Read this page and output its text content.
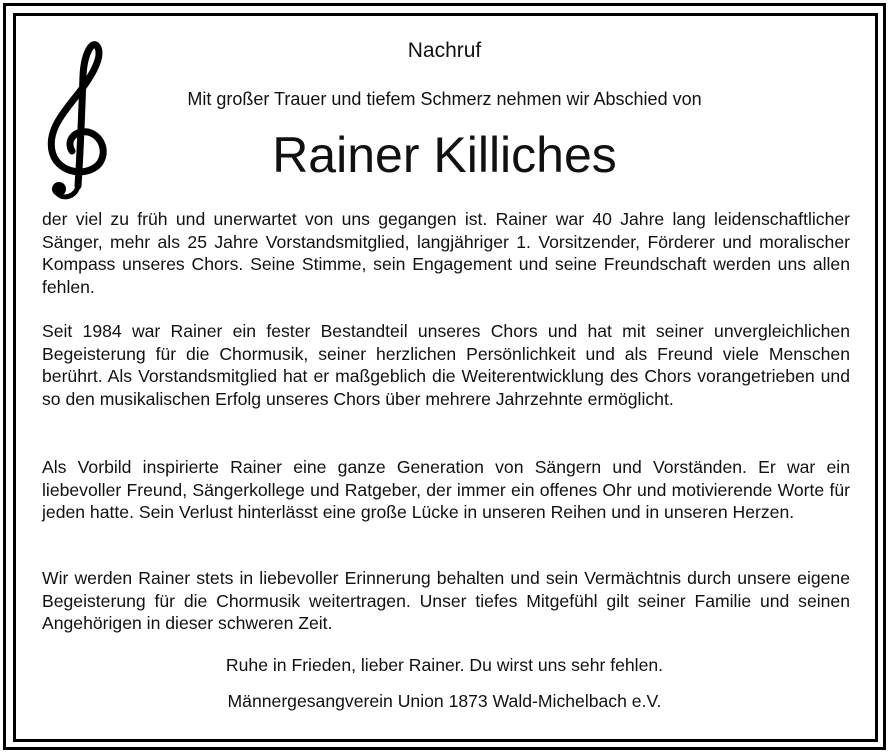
Nachruf
Mit großer Trauer und tiefem Schmerz nehmen wir Abschied von
Rainer Killiches

der viel zu früh und unerwartet von uns gegangen ist. Rainer war 40 Jahre lang leidenschaftlicher Sänger, mehr als 25 Jahre Vorstandsmitglied, langjähriger 1. Vorsitzender, Förderer und moralischer Kompass unseres Chors. Seine Stimme, sein Engagement und seine Freundschaft werden uns allen fehlen.

Seit 1984 war Rainer ein fester Bestandteil unseres Chors und hat mit seiner unvergleichlichen Begeisterung für die Chormusik, seiner herzlichen Persönlichkeit und als Freund viele Menschen berührt. Als Vorstandsmitglied hat er maßgeblich die Weiterentwicklung des Chors vorangetrieben und so den musikalischen Erfolg unseres Chors über mehrere Jahrzehnte ermöglicht.

Als Vorbild inspirierte Rainer eine ganze Generation von Sängern und Vorständen. Er war ein liebevoller Freund, Sängerkollege und Ratgeber, der immer ein offenes Ohr und motivierende Worte für jeden hatte. Sein Verlust hinterlässt eine große Lücke in unseren Reihen und in unseren Herzen.

Wir werden Rainer stets in liebevoller Erinnerung behalten und sein Vermächtnis durch unsere eigene Begeisterung für die Chormusik weitertragen. Unser tiefes Mitgefühl gilt seiner Familie und seinen Angehörigen in dieser schweren Zeit.

Ruhe in Frieden, lieber Rainer. Du wirst uns sehr fehlen.
Männergesangverein Union 1873 Wald-Michelbach e.V.
